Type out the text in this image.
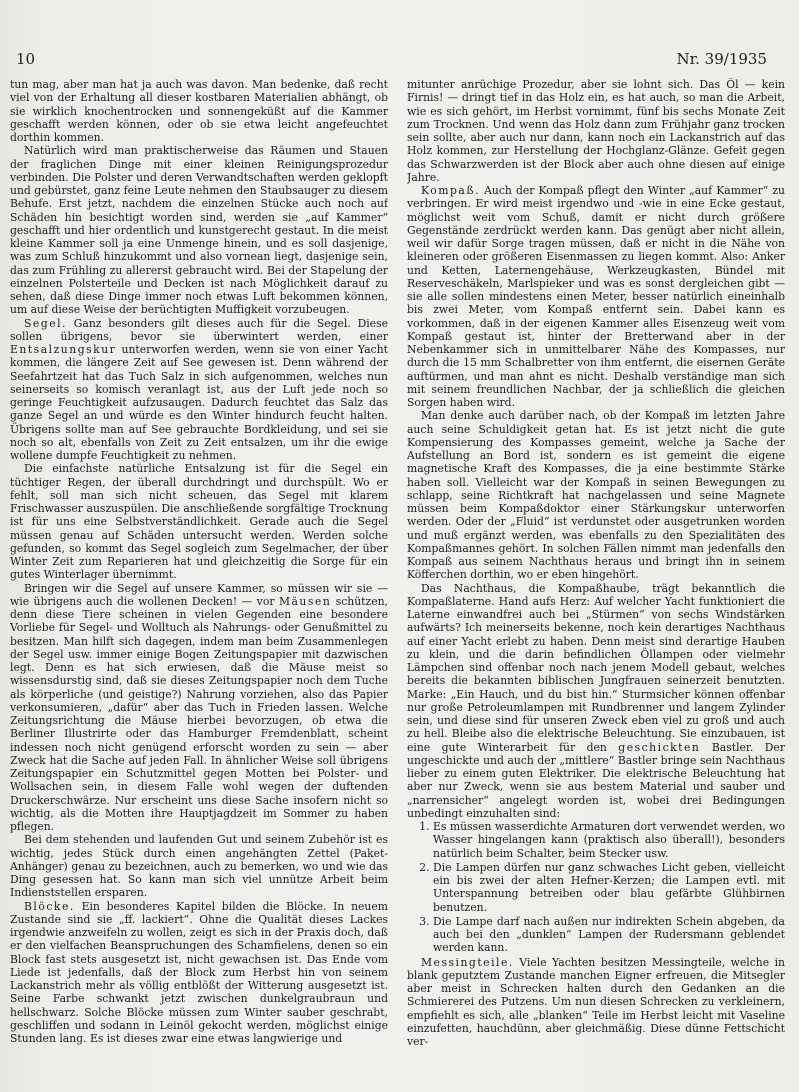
10	Nr. 39/1935

tun mag, aber man hat ja auch was davon. Man bedenke, daß recht viel von der Erhaltung all dieser kostbaren Materialien abhängt, ob sie wirklich knochentrocken und sonnengeküßt auf die Kammer geschafft werden können, oder ob sie etwa leicht angefeuchtet dorthin kommen.

Natürlich wird man praktischerweise das Räumen und Stauen der fraglichen Dinge mit einer kleinen Reinigungsprozedur verbinden. Die Polster und deren Verwandtschaften werden geklopft und gebürstet, ganz feine Leute nehmen den Staubsauger zu diesem Behufe. Erst jetzt, nachdem die einzelnen Stücke auch noch auf Schäden hin besichtigt worden sind, werden sie „auf Kammer“ geschafft und hier ordentlich und kunstgerecht gestaut. In die meist kleine Kammer soll ja eine Unmenge hinein, und es soll dasjenige, was zum Schluß hinzukommt und also vornean liegt, dasjenige sein, das zum Frühling zu allererst gebraucht wird. Bei der Stapelung der einzelnen Polsterteile und Decken ist nach Möglichkeit darauf zu sehen, daß diese Dinge immer noch etwas Luft bekommen können, um auf diese Weise der berüchtigten Muffigkeit vorzubeugen.

Segel. Ganz besonders gilt dieses auch für die Segel. Diese sollen übrigens, bevor sie überwintert werden, einer Entsalzungskur unterworfen werden, wenn sie von einer Yacht kommen, die längere Zeit auf See gewesen ist. Denn während der Seefahrtzeit hat das Tuch Salz in sich aufgenommen, welches nun seinerseits so komisch veranlagt ist, aus der Luft jede noch so geringe Feuchtigkeit aufzusaugen. Dadurch feuchtet das Salz das ganze Segel an und würde es den Winter hindurch feucht halten. Übrigens sollte man auf See gebrauchte Bordkleidung, und sei sie noch so alt, ebenfalls von Zeit zu Zeit entsalzen, um ihr die ewige wollene dumpfe Feuchtigkeit zu nehmen.

Die einfachste natürliche Entsalzung ist für die Segel ein tüchtiger Regen, der überall durchdringt und durchspült. Wo er fehlt, soll man sich nicht scheuen, das Segel mit klarem Frischwasser auszuspülen. Die anschließende sorgfältige Trocknung ist für uns eine Selbstverständlichkeit. Gerade auch die Segel müssen genau auf Schäden untersucht werden. Werden solche gefunden, so kommt das Segel sogleich zum Segelmacher, der über Winter Zeit zum Reparieren hat und gleichzeitig die Sorge für ein gutes Winterlager übernimmt.

Bringen wir die Segel auf unsere Kammer, so müssen wir sie — wie übrigens auch die wollenen Decken! — vor Mäusen schützen, denn diese Tiere scheinen in vielen Gegenden eine besondere Vorliebe für Segel- und Wolltuch als Nahrungs- oder Genußmittel zu besitzen. Man hilft sich dagegen, indem man beim Zusammenlegen der Segel usw. immer einige Bogen Zeitungspapier mit dazwischen legt. Denn es hat sich erwiesen, daß die Mäuse meist so wissensdurstig sind, daß sie dieses Zeitungspapier noch dem Tuche als körperliche (und geistige?) Nahrung vorziehen, also das Papier verkonsumieren, „dafür“ aber das Tuch in Frieden lassen. Welche Zeitungsrichtung die Mäuse hierbei bevorzugen, ob etwa die Berliner Illustrirte oder das Hamburger Fremdenblatt, scheint indessen noch nicht genügend erforscht worden zu sein — aber Zweck hat die Sache auf jeden Fall. In ähnlicher Weise soll übrigens Zeitungspapier ein Schutzmittel gegen Motten bei Polster- und Wollsachen sein, in diesem Falle wohl wegen der duftenden Druckerschwärze. Nur erscheint uns diese Sache insofern nicht so wichtig, als die Motten ihre Hauptjagdzeit im Sommer zu haben pflegen.

Bei dem stehenden und laufenden Gut und seinem Zubehör ist es wichtig, jedes Stück durch einen angehängten Zettel (Paket-Anhänger) genau zu bezeichnen, auch zu bemerken, wo und wie das Ding gesessen hat. So kann man sich viel unnütze Arbeit beim Indienststellen ersparen.

Blöcke. Ein besonderes Kapitel bilden die Blöcke. In neuem Zustande sind sie „ff. lackiert“. Ohne die Qualität dieses Lackes irgendwie anzweifeln zu wollen, zeigt es sich in der Praxis doch, daß er den vielfachen Beanspruchungen des Schamfielens, denen so ein Block fast stets ausgesetzt ist, nicht gewachsen ist. Das Ende vom Liede ist jedenfalls, daß der Block zum Herbst hin von seinem Lackanstrich mehr als völlig entblößt der Witterung ausgesetzt ist. Seine Farbe schwankt jetzt zwischen dunkelgraubraun und hellschwarz. Solche Blöcke müssen zum Winter sauber geschrabt, geschliffen und sodann in Leinöl gekocht werden, möglichst einige Stunden lang. Es ist dieses zwar eine etwas langwierige und

mitunter anrüchige Prozedur, aber sie lohnt sich. Das Öl — kein Firnis! — dringt tief in das Holz ein, es hat auch, so man die Arbeit, wie es sich gehört, im Herbst vornimmt, fünf bis sechs Monate Zeit zum Trocknen. Und wenn das Holz dann zum Frühjahr ganz trocken sein sollte, aber auch nur dann, kann noch ein Lackanstrich auf das Holz kommen, zur Herstellung der Hochglanz-Glänze. Gefeit gegen das Schwarzwerden ist der Block aber auch ohne diesen auf einige Jahre.

Kompaß. Auch der Kompaß pflegt den Winter „auf Kammer“ zu verbringen. Er wird meist irgendwo und -wie in eine Ecke gestaut, möglichst weit vom Schuß, damit er nicht durch größere Gegenstände zerdrückt werden kann. Das genügt aber nicht allein, weil wir dafür Sorge tragen müssen, daß er nicht in die Nähe von kleineren oder größeren Eisenmassen zu liegen kommt. Also: Anker und Ketten, Laternengehäuse, Werkzeugkasten, Bündel mit Reserveschäkeln, Marlspieker und was es sonst dergleichen gibt — sie alle sollen mindestens einen Meter, besser natürlich eineinhalb bis zwei Meter, vom Kompaß entfernt sein. Dabei kann es vorkommen, daß in der eigenen Kammer alles Eisenzeug weit vom Kompaß gestaut ist, hinter der Bretterwand aber in der Nebenkammer sich in unmittelbarer Nähe des Kompasses, nur durch die 15 mm Schalbretter von ihm entfernt, die eisernen Geräte auftürmen, und man ahnt es nicht. Deshalb verständige man sich mit seinem freundlichen Nachbar, der ja schließlich die gleichen Sorgen haben wird.

Man denke auch darüber nach, ob der Kompaß im letzten Jahre auch seine Schuldigkeit getan hat. Es ist jetzt nicht die gute Kompensierung des Kompasses gemeint, welche ja Sache der Aufstellung an Bord ist, sondern es ist gemeint die eigene magnetische Kraft des Kompasses, die ja eine bestimmte Stärke haben soll. Vielleicht war der Kompaß in seinen Bewegungen zu schlapp, seine Richtkraft hat nachgelassen und seine Magnete müssen beim Kompaßdoktor einer Stärkungskur unterworfen werden. Oder der „Fluid“ ist verdunstet oder ausgetrunken worden und muß ergänzt werden, was ebenfalls zu den Spezialitäten des Kompaßmannes gehört. In solchen Fällen nimmt man jedenfalls den Kompaß aus seinem Nachthaus heraus und bringt ihn in seinem Köfferchen dorthin, wo er eben hingehört.

Das Nachthaus, die Kompaßhaube, trägt bekanntlich die Kompaßlaterne. Hand aufs Herz: Auf welcher Yacht funktioniert die Laterne einwandfrei auch bei „Stürmen“ von sechs Windstärken aufwärts? Ich meinerseits bekenne, noch kein derartiges Nachthaus auf einer Yacht erlebt zu haben. Denn meist sind derartige Hauben zu klein, und die darin befindlichen Öllampen oder vielmehr Lämpchen sind offenbar noch nach jenem Modell gebaut, welches bereits die bekannten biblischen Jungfrauen seinerzeit benutzten. Marke: „Ein Hauch, und du bist hin.“ Sturmsicher können offenbar nur große Petroleumlampen mit Rundbrenner und langem Zylinder sein, und diese sind für unseren Zweck eben viel zu groß und auch zu hell. Bleibe also die elektrische Beleuchtung. Sie einzubauen, ist eine gute Winterarbeit für den geschickten Bastler. Der ungeschickte und auch der „mittlere“ Bastler bringe sein Nachthaus lieber zu einem guten Elektriker. Die elektrische Beleuchtung hat aber nur Zweck, wenn sie aus bestem Material und sauber und „narrensicher“ angelegt worden ist, wobei drei Bedingungen unbedingt einzuhalten sind:

1. Es müssen wasserdichte Armaturen dort verwendet werden, wo Wasser hingelangen kann (praktisch also überall!), besonders natürlich beim Schalter, beim Stecker usw.
2. Die Lampen dürfen nur ganz schwaches Licht geben, vielleicht ein bis zwei der alten Hefner-Kerzen; die Lampen evtl. mit Unterspannung betreiben oder blau gefärbte Glühbirnen benutzen.
3. Die Lampe darf nach außen nur indirekten Schein abgeben, da auch bei den „dunklen“ Lampen der Rudersmann geblendet werden kann.

Messingteile. Viele Yachten besitzen Messingteile, welche in blank geputztem Zustande manchen Eigner erfreuen, die Mitsegler aber meist in Schrecken halten durch den Gedanken an die Schmiererei des Putzens. Um nun diesen Schrecken zu verkleinern, empfiehlt es sich, alle „blanken“ Teile im Herbst leicht mit Vaseline einzufetten, hauchdünn, aber gleichmäßig. Diese dünne Fettschicht ver-
